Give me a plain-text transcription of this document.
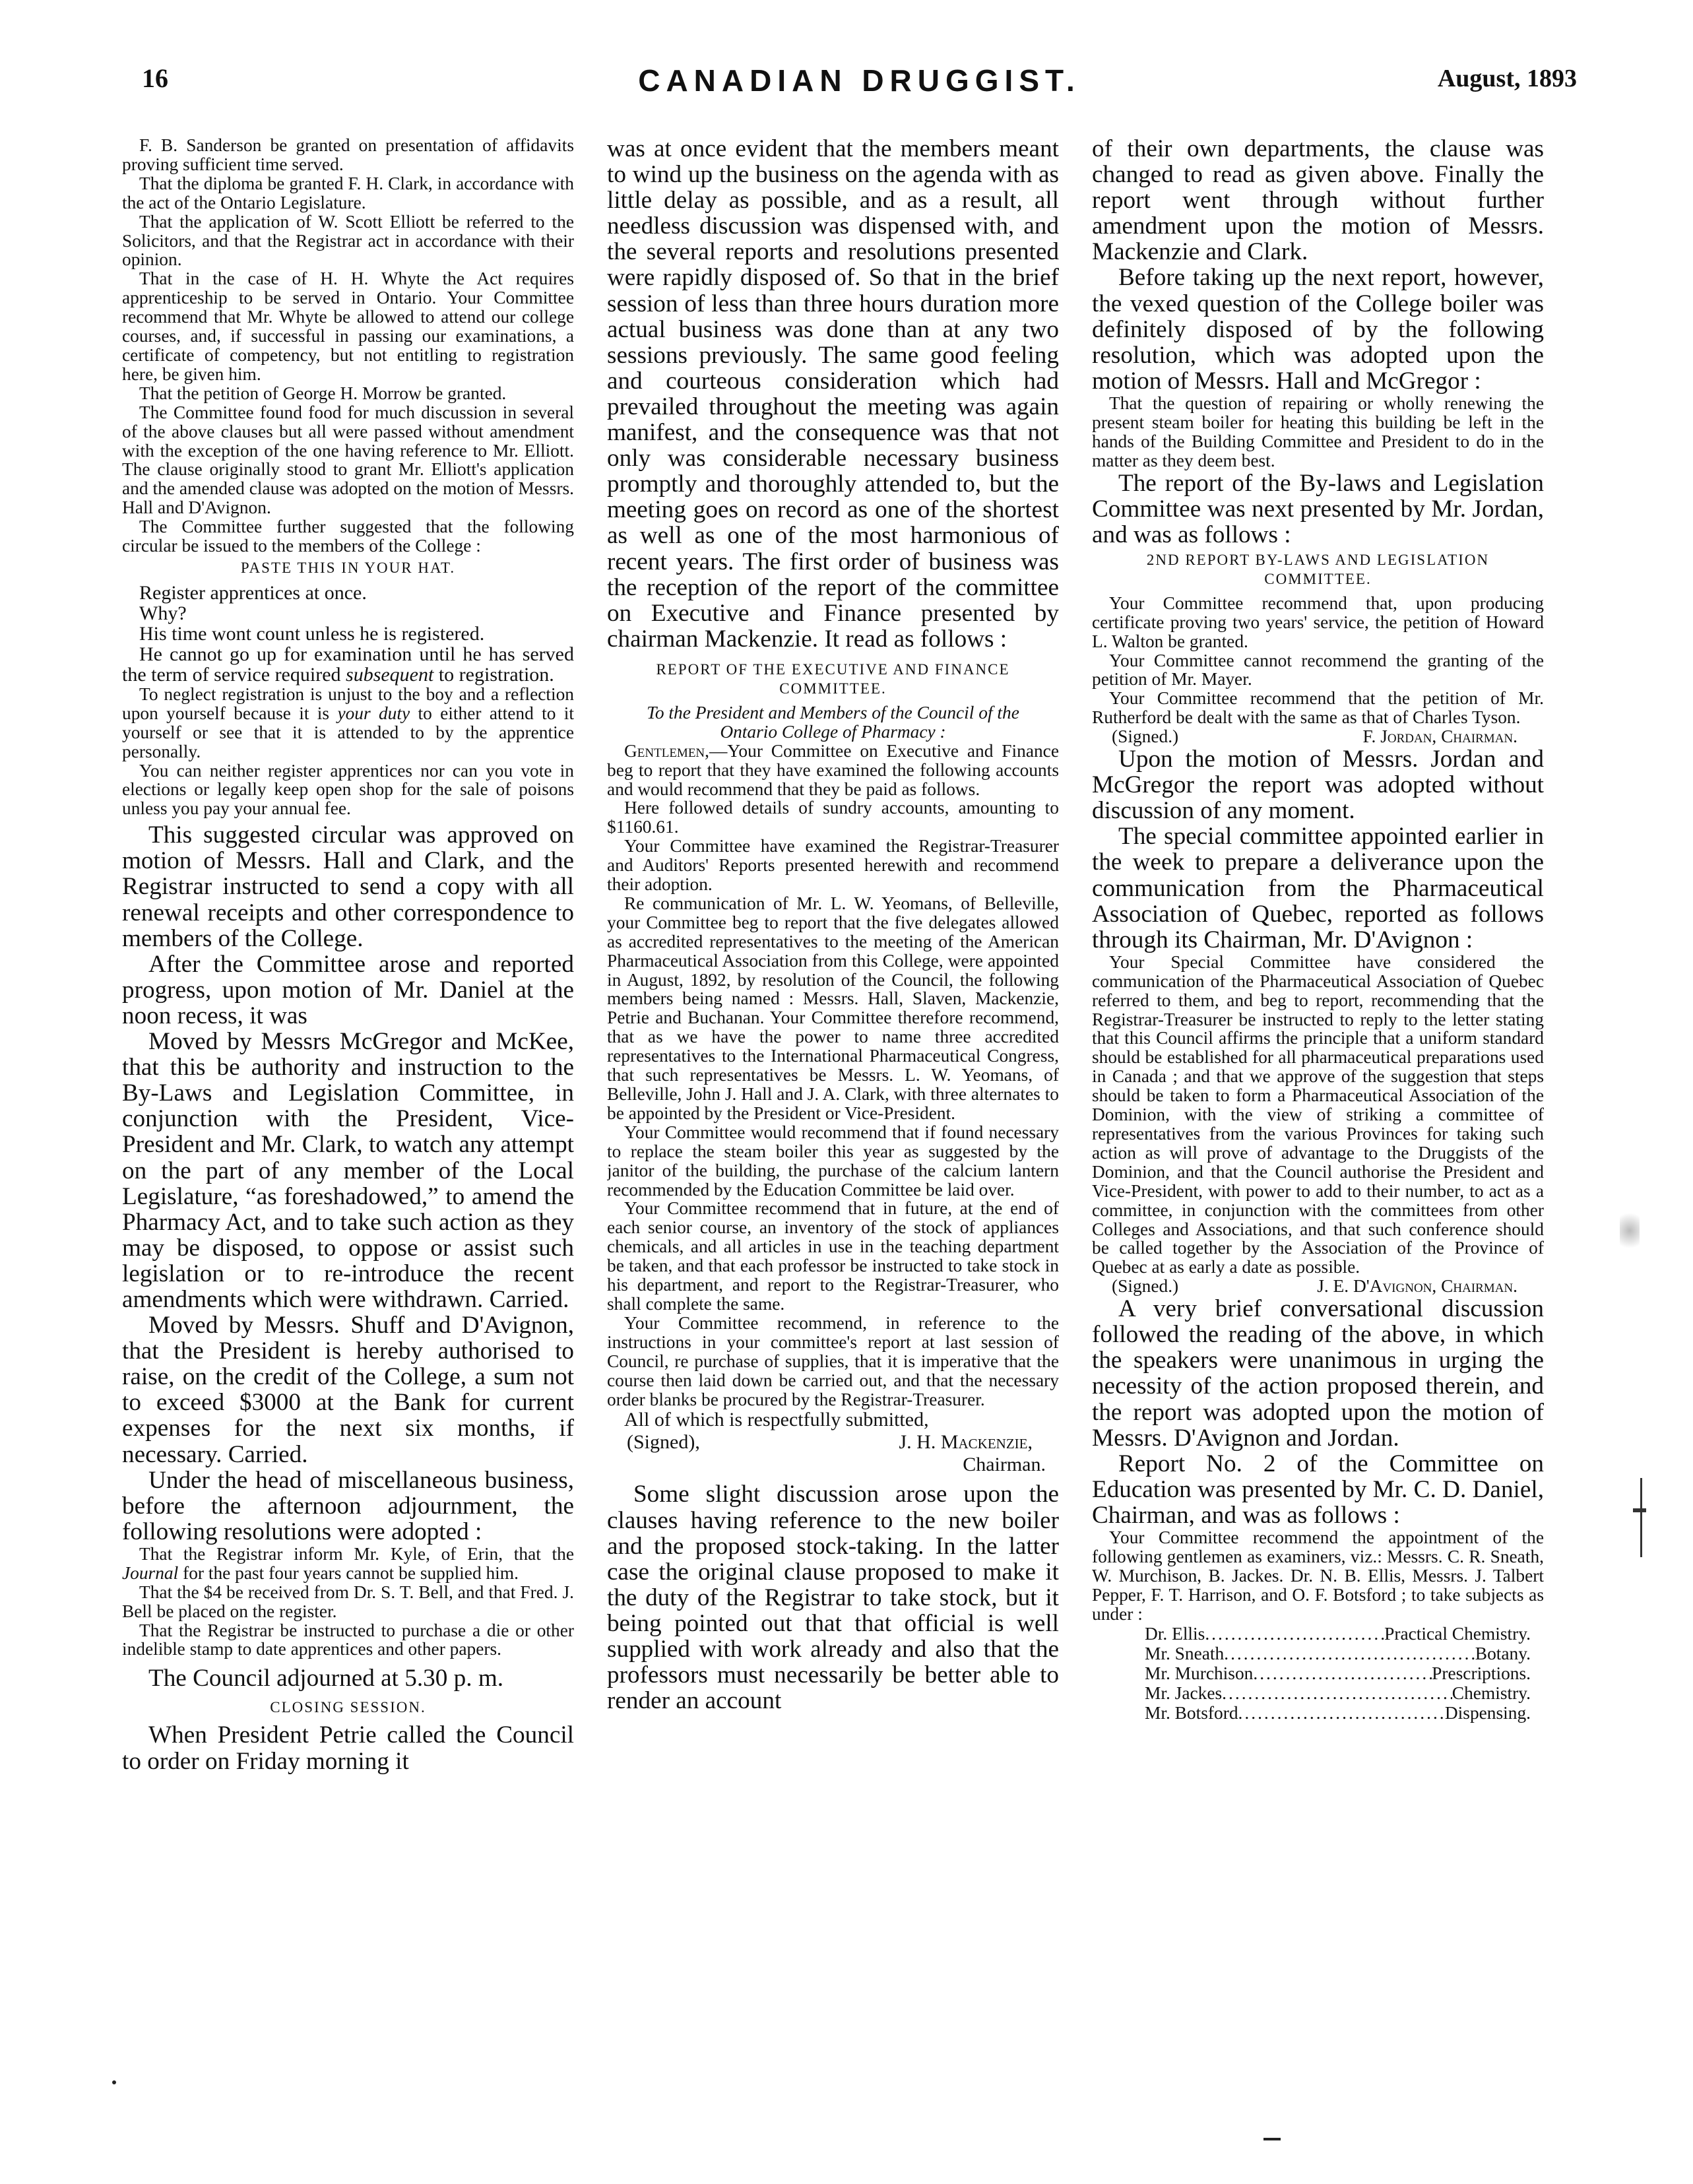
16	CANADIAN DRUGGIST.	August, 1893

F. B. Sanderson be granted on presentation of affidavits proving sufficient time served.

That the diploma be granted F. H. Clark, in accordance with the act of the Ontario Legislature.

That the application of W. Scott Elliott be referred to the Solicitors, and that the Registrar act in accordance with their opinion.

That in the case of H. H. Whyte the Act requires apprenticeship to be served in Ontario. Your Committee recommend that Mr. Whyte be allowed to attend our college courses, and, if successful in passing our examinations, a certificate of competency, but not entitling to registration here, be given him.

That the petition of George H. Morrow be granted.

The Committee found food for much discussion in several of the above clauses but all were passed without amendment with the exception of the one having reference to Mr. Elliott. The clause originally stood to grant Mr. Elliott's application and the amended clause was adopted on the motion of Messrs. Hall and D'Avignon.

The Committee further suggested that the following circular be issued to the members of the College :

PASTE THIS IN YOUR HAT.

Register apprentices at once.

Why?

His time wont count unless he is registered.

He cannot go up for examination until he has served the term of service required subsequent to registration.

To neglect registration is unjust to the boy and a reflection upon yourself because it is your duty to either attend to it yourself or see that it is attended to by the apprentice personally.

You can neither register apprentices nor can you vote in elections or legally keep open shop for the sale of poisons unless you pay your annual fee.

This suggested circular was approved on motion of Messrs. Hall and Clark, and the Registrar instructed to send a copy with all renewal receipts and other correspondence to members of the College.

After the Committee arose and reported progress, upon motion of Mr. Daniel at the noon recess, it was

Moved by Messrs McGregor and McKee, that this be authority and instruction to the By-Laws and Legislation Committee, in conjunction with the President, Vice-President and Mr. Clark, to watch any attempt on the part of any member of the Local Legislature, “as foreshadowed,” to amend the Pharmacy Act, and to take such action as they may be disposed, to oppose or assist such legislation or to re-introduce the recent amendments which were withdrawn. Carried.

Moved by Messrs. Shuff and D'Avignon, that the President is hereby authorised to raise, on the credit of the College, a sum not to exceed $3000 at the Bank for current expenses for the next six months, if necessary. Carried.

Under the head of miscellaneous business, before the afternoon adjournment, the following resolutions were adopted :

That the Registrar inform Mr. Kyle, of Erin, that the Journal for the past four years cannot be supplied him.

That the $4 be received from Dr. S. T. Bell, and that Fred. J. Bell be placed on the register.

That the Registrar be instructed to purchase a die or other indelible stamp to date apprentices and other papers.

The Council adjourned at 5.30 p. m.

CLOSING SESSION.

When President Petrie called the Council to order on Friday morning it

was at once evident that the members meant to wind up the business on the agenda with as little delay as possible, and as a result, all needless discussion was dispensed with, and the several reports and resolutions presented were rapidly disposed of. So that in the brief session of less than three hours duration more actual business was done than at any two sessions previously. The same good feeling and courteous consideration which had prevailed throughout the meeting was again manifest, and the consequence was that not only was considerable necessary business promptly and thoroughly attended to, but the meeting goes on record as one of the shortest as well as one of the most harmonious of recent years. The first order of business was the reception of the report of the committee on Executive and Finance presented by chairman Mackenzie. It read as follows :

REPORT OF THE EXECUTIVE AND FINANCE COMMITTEE.

To the President and Members of the Council of the Ontario College of Pharmacy :

Gentlemen,—Your Committee on Executive and Finance beg to report that they have examined the following accounts and would recommend that they be paid as follows.

Here followed details of sundry accounts, amounting to $1160.61.

Your Committee have examined the Registrar-Treasurer and Auditors' Reports presented herewith and recommend their adoption.

Re communication of Mr. L. W. Yeomans, of Belleville, your Committee beg to report that the five delegates allowed as accredited representatives to the meeting of the American Pharmaceutical Association from this College, were appointed in August, 1892, by resolution of the Council, the following members being named : Messrs. Hall, Slaven, Mackenzie, Petrie and Buchanan. Your Committee therefore recommend, that as we have the power to name three accredited representatives to the International Pharmaceutical Congress, that such representatives be Messrs. L. W. Yeomans, of Belleville, John J. Hall and J. A. Clark, with three alternates to be appointed by the President or Vice-President.

Your Committee would recommend that if found necessary to replace the steam boiler this year as suggested by the janitor of the building, the purchase of the calcium lantern recommended by the Education Committee be laid over.

Your Committee recommend that in future, at the end of each senior course, an inventory of the stock of appliances chemicals, and all articles in use in the teaching department be taken, and that each professor be instructed to take stock in his department, and report to the Registrar-Treasurer, who shall complete the same.

Your Committee recommend, in reference to the instructions in your committee's report at last session of Council, re purchase of supplies, that it is imperative that the course then laid down be carried out, and that the necessary order blanks be procured by the Registrar-Treasurer.

All of which is respectfully submitted,

(Signed),	J. H. Mackenzie,

Chairman.

Some slight discussion arose upon the clauses having reference to the new boiler and the proposed stock-taking. In the latter case the original clause proposed to make it the duty of the Registrar to take stock, but it being pointed out that that official is well supplied with work already and also that the professors must necessarily be better able to render an account

of their own departments, the clause was changed to read as given above. Finally the report went through without further amendment upon the motion of Messrs. Mackenzie and Clark.

Before taking up the next report, however, the vexed question of the College boiler was definitely disposed of by the following resolution, which was adopted upon the motion of Messrs. Hall and McGregor :

That the question of repairing or wholly renewing the present steam boiler for heating this building be left in the hands of the Building Committee and President to do in the matter as they deem best.

The report of the By-laws and Legislation Committee was next presented by Mr. Jordan, and was as follows :

2ND REPORT BY-LAWS AND LEGISLATION COMMITTEE.

Your Committee recommend that, upon producing certificate proving two years' service, the petition of Howard L. Walton be granted.

Your Committee cannot recommend the granting of the petition of Mr. Mayer.

Your Committee recommend that the petition of Mr. Rutherford be dealt with the same as that of Charles Tyson.

(Signed.)	F. Jordan, Chairman.

Upon the motion of Messrs. Jordan and McGregor the report was adopted without discussion of any moment.

The special committee appointed earlier in the week to prepare a deliverance upon the communication from the Pharmaceutical Association of Quebec, reported as follows through its Chairman, Mr. D'Avignon :

Your Special Committee have considered the communication of the Pharmaceutical Association of Quebec referred to them, and beg to report, recommending that the Registrar-Treasurer be instructed to reply to the letter stating that this Council affirms the principle that a uniform standard should be established for all pharmaceutical preparations used in Canada ; and that we approve of the suggestion that steps should be taken to form a Pharmaceutical Association of the Dominion, with the view of striking a committee of representatives from the various Provinces for taking such action as will prove of advantage to the Druggists of the Dominion, and that the Council authorise the President and Vice-President, with power to add to their number, to act as a committee, in conjunction with the committees from other Colleges and Associations, and that such conference should be called together by the Association of the Province of Quebec at as early a date as possible.

(Signed.)	J. E. D'Avignon, Chairman.

A very brief conversational discussion followed the reading of the above, in which the speakers were unanimous in urging the necessity of the action proposed therein, and the report was adopted upon the motion of Messrs. D'Avignon and Jordan.

Report No. 2 of the Committee on Education was presented by Mr. C. D. Daniel, Chairman, and was as follows :

Your Committee recommend the appointment of the following gentlemen as examiners, viz.: Messrs. C. R. Sneath, W. Murchison, B. Jackes. Dr. N. B. Ellis, Messrs. J. Talbert Pepper, F. T. Harrison, and O. F. Botsford ; to take subjects as under :

Dr. Ellis .....	Practical Chemistry.
Mr. Sneath .....	Botany.
Mr. Murchison .....	Prescriptions.
Mr. Jackes .....	Chemistry.
Mr. Botsford .....	Dispensing.
